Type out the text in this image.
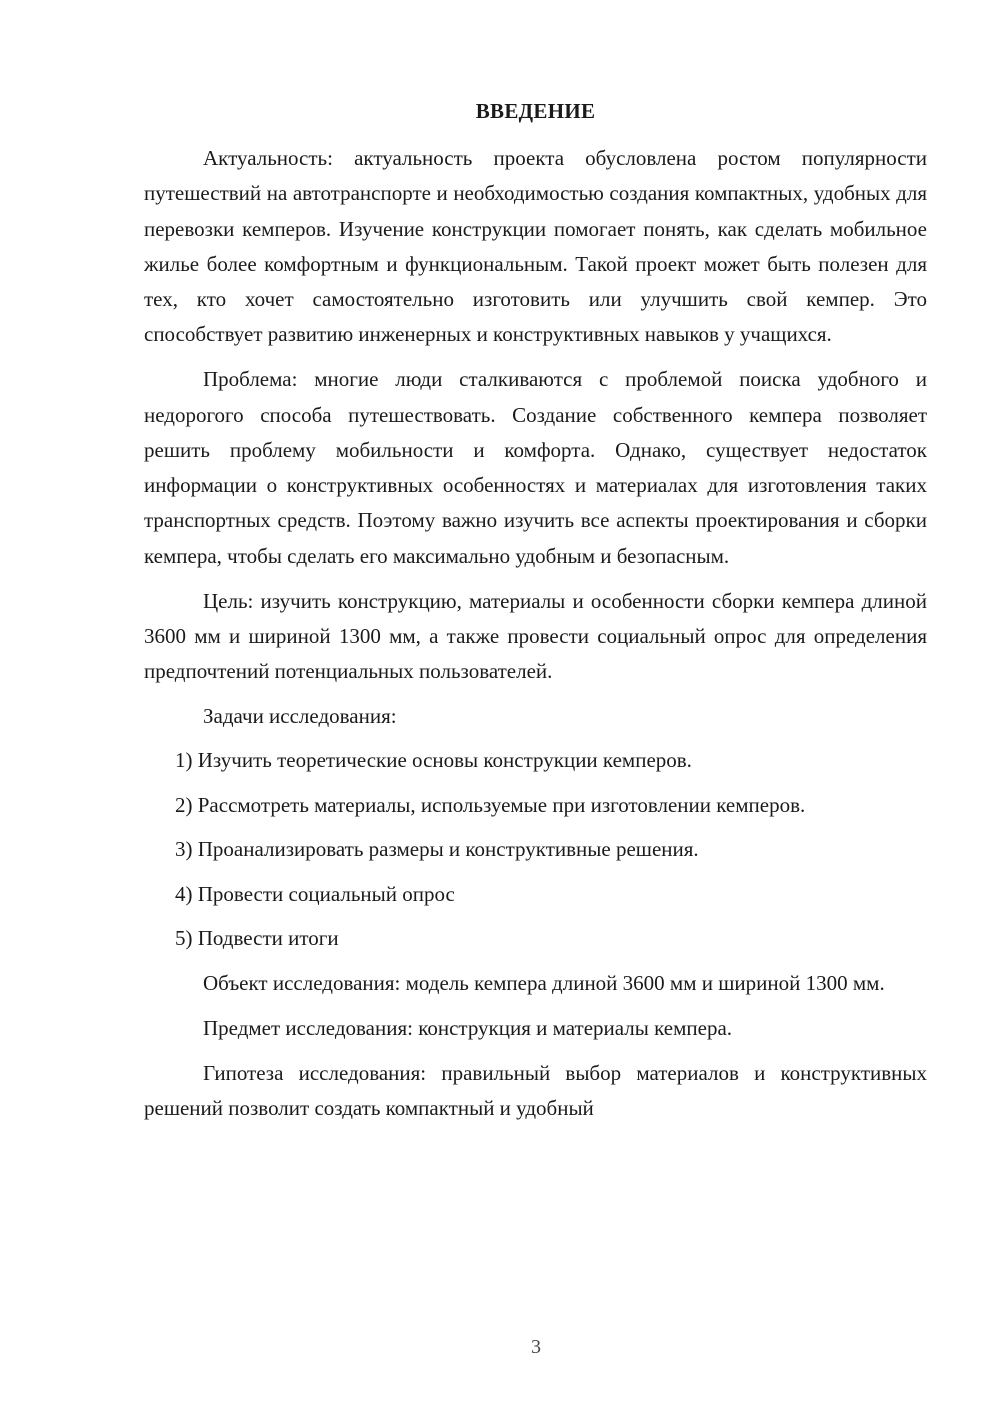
ВВЕДЕНИЕ

Актуальность: актуальность проекта обусловлена ростом популярности путешествий на автотранспорте и необходимостью создания компактных, удобных для перевозки кемперов. Изучение конструкции помогает понять, как сделать мобильное жилье более комфортным и функциональным. Такой проект может быть полезен для тех, кто хочет самостоятельно изготовить или улучшить свой кемпер. Это способствует развитию инженерных и конструктивных навыков у учащихся.

Проблема: многие люди сталкиваются с проблемой поиска удобного и недорогого способа путешествовать. Создание собственного кемпера позволяет решить проблему мобильности и комфорта. Однако, существует недостаток информации о конструктивных особенностях и материалах для изготовления таких транспортных средств. Поэтому важно изучить все аспекты проектирования и сборки кемпера, чтобы сделать его максимально удобным и безопасным.

Цель: изучить конструкцию, материалы и особенности сборки кемпера длиной 3600 мм и шириной 1300 мм, а также провести социальный опрос для определения предпочтений потенциальных пользователей.

Задачи исследования:
1) Изучить теоретические основы конструкции кемперов.
2) Рассмотреть материалы, используемые при изготовлении кемперов.
3) Проанализировать размеры и конструктивные решения.
4) Провести социальный опрос
5) Подвести итоги

Объект исследования: модель кемпера длиной 3600 мм и шириной 1300 мм.

Предмет исследования: конструкция и материалы кемпера.

Гипотеза исследования: правильный выбор материалов и конструктивных решений позволит создать компактный и удобный

3
